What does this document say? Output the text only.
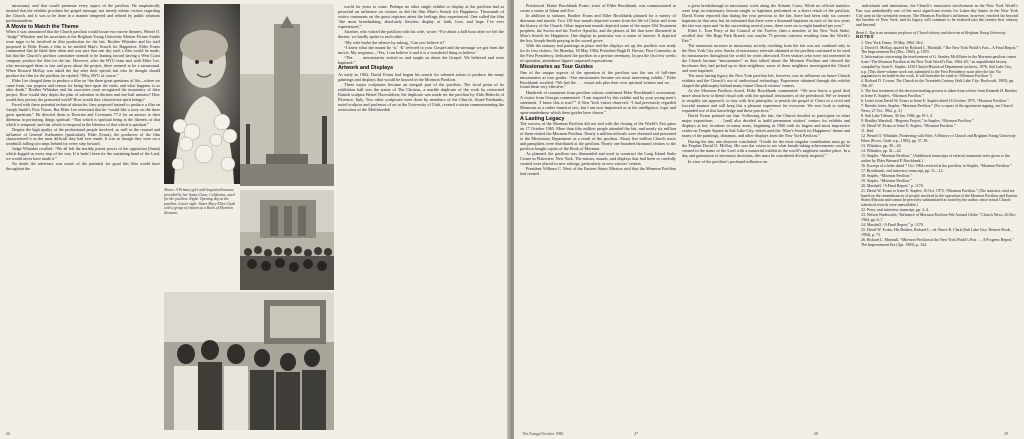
missionary zeal that would permeate every aspect of the pavilion. He emphatically insisted that the exhibits proclaim the gospel message; not merely inform visitors regarding the Church, and it was to be done in a manner tempered and refined by public relations professionalism.

A Movie to Match the Theme

When it was announced that the Church pavilion would house two movie theaters, Wetzel O. “Judge” Whitaker and his associates at the Brigham Young University Motion Picture Studio were eager to be involved in film production for the fair. Brother Whitaker and his staff proposed to Elder Evans a film to be entitled Man’s Search for Happiness. Elder Evans commented that he liked their ideas and was sure that one day such a film would be made, but that the Church’s pavilion committee seemed to be leaning toward having a West Coast company produce the film for the fair. However, after the BYU team met with Elder Lee, who encouraged them to fast and pray about the project, there seemed to be a turnaround. When Howard McKay was asked the day after their special fast who he thought should produce the film for the pavilion, he replied, “Why, BYU of course.”

Elder Lee charged them to produce a film on “the three great questions of life—where we came from, our purpose and reason for being here upon the earth, and what happens to us after death.” Brother Whitaker and his associates soon recognized the immensity of their project. How would they depict the plan of salvation in thirteen and one-half minutes? How would they portray the premortal world? How would they characterize spirit beings?

Faced with these potential technical obstacles, they proposed instead to produce a film on Joseph Smith’s First Vision. But Elder Lee reiterated that he “would like a story on the three great questions.” He directed them to Doctrine and Covenants 77:2 for an answer to their dilemma in portraying things spiritual: “That which is spiritual being in the likeness of that which is temporal; and that which is temporal in the likeness of that which is spiritual.”

Despite the high quality of the professional people involved, as well as the counsel and influence of General Authorities (particularly Elder Evans), the producers of the film characterized it as the most difficult they had ever made. It was as though they were on a treadmill, falling two steps behind for every step forward.

Judge Whitaker recalled: “We all felt the terribly potent power of the opposition [Satan] which dogged us every step of the way. If it hadn’t been for the sustaining hand of the Lord, we would never have made it.”

No doubt the adversary was aware of the potential for good this film would have throughout the

Above: A Primary girl with begonia blossoms provided by her Santa Clara, California, ward for the pavilion. Right: Opening day at the pavilion. Lower right: Sister Mary Ellen Clyde with a group of visitors at a Book of Mormon diorama.

world for years to come. Perhaps no other single exhibit or display at the pavilion had as powerful an influence on visitors as did the film Man’s Search for Happiness. Thousands of visitor comments on the guest registers attest the feelings they experienced. One called the film “the most breathtaking, absolutely flawless display of faith, love, and hope I’ve ever experienced.”

Another, who visited the pavilion with his wife, wrote: “For about a half hour after we left the theater, we hardly spoke to each other. . . .

“My wife broke the silence by asking, ‘Can you believe it?’

“I knew what she meant by ‘it.’ ‘It’ referred to your Gospel and the message we got from the movie. My response—‘Yes, I can believe it and it is a wonderful thing to believe.’

“The . . . missionaries visited us and taught us about the Gospel. We believed and were baptized.”

Artwork and Displays

As early as 1962, David Evans had begun his search for talented artists to produce the many paintings and displays that would be housed in the Mormon Pavilion.

These major sculptures became an integral part of the pavilion. The focal point of its exhibition hall was the statue of The Christus, a marble duplicate of the work by renowned Danish sculptor Bertel Thorvaldsen; the duplicate was made for the pavilion by Aldo Rebechi of Florence, Italy. Two other sculptures were done by members of the Church. Avard Fairbanks, noted sculptor and professor of art at the University of Utah, created a statue commemorating the restoration of the Melchizedek

26

Priesthood. Elaine Brockbank Evans, sister of Elder Brockbank, was commissioned to create a statue of Adam and Eve.

In addition to statuary, Brother Evans and Elder Brockbank planned for a variety of dioramas and murals. Two 110-foot murals depicted scenes from the life of Christ and from the history of the Church. Other important murals depicted some of the major Old Testament prophets, the Savior and his Twelve Apostles, and the phases of life that were illustrated in Man’s Search for Happiness. One display in particular was a center of interest. It depicted the boy Joseph Smith praying in the sacred grove.

With the statuary and paintings in place and the displays set up, the pavilion was ready for its first visitors. On Monday, 18 May 1964, President Hugh B. Brown, First Counselor in the First Presidency, dedicated the pavilion in a private ceremony. In just the first few weeks of operation, attendance figures surpassed expectations.

Missionaries as Tour Guides

One of the unique aspects of the operation of the pavilion was the use of full-time missionaries as tour guides. “Our missionaries became our most interesting exhibit,” Elder Brockbank recalled. “We had the . . . visual aids plus their own spiritual witness and we . . . found them very effective.”

Hundreds of comments from pavilion visitors confirmed Elder Brockbank’s assessment. A visitor from Georgia commented, “I am inspired by this exhibit and by your young man’s statement, ‘I know this is true!’” A New York visitor observed, “I had previously regarded Mormons as a rather fanatical sect, but I am now impressed as to the intelligence, logic and open-mindedness which these guides have shown.”

A Lasting Legacy

The success of the Mormon Pavilion did not end with the closing of the World’s Fair gates on 17 October 1965. More than fifty million people attended the fair, and nearly six million of them visited the Mormon Pavilion. Nearly a million referrals were obtained and presented to the Missionary Department as a result of the pavilion. About five million Church tracts and pamphlets were distributed at the pavilion. Nearly one hundred thousand visitors to the pavilion bought copies of the Book of Mormon.

As planned, the pavilion was dismantled and used to construct the Long Island Stake Center in Plainview, New York. The statues, murals, and displays that had been so carefully created were placed in new settings, particularly as new visitors’ centers.

President Wilburn C. West of the Eastern States Mission said that the Mormon Pavilion had created

a great breakthrough in missionary work along the Atlantic Coast. While no official statistics were kept on missionary lessons taught or baptisms performed as a direct result of the pavilion, David Evans reported that during the year previous to the fair, there had been only six convert baptisms in that area, but he estimated that there were a thousand baptisms in each of the two years the fair was open and “in the succeeding several years, there were six to eight hundred per year.”

Elder L. Tom Perry of the Council of the Twelve, then a member of the New York Stake, recalled that “the Rego Park Branch was maybe 75 percent converts resulting from the World’s Fair.”

The enormous increase in missionary activity resulting from the fair was not confined only to the New York City area. Stacks of missionary referrals obtained at the pavilion continued to be used by missionaries throughout the world for years afterward. Even visitors who were not interested in the Church became “missionaries” as they talked about the Mormon Pavilion and showed the brochures they had picked up to their neighbors; some of these neighbors investigated the Church and were baptized.

The most lasting legacy the New York pavilion left, however, was its influence on future Church exhibits and the Church’s use of audiovisual technology. Experience obtained through this exhibit shaped the philosophy behind many future Church visitors’ centers.

As the Mormon Pavilion closed, Elder Brockbank commented: “We now know a good deal more about how to blend visual aids with the spiritual testimonies of the priesthood. We’ve learned to simplify our approach, to stay with first principles, to preach the gospel of Christ in a vivid and forceful manner and still keep this a pleasant experience for everyone. We now look to making expanded use of this knowledge and these practices.”

David Evans pointed out that “following the fair, the Church decided to participate in other major expositions . . . [and] also decided to build permanent visitors’ centers for exhibits and displays at key locations in many areas, beginning in 1966 with its largest and most impressive center on Temple Square in Salt Lake City, which used the ‘Man’s Search for Happiness’ theme and many of the paintings, dioramas, and other displays from the New York Pavilion.”

During the fair, one observer concluded: “Credit for the most singular contribution must go to the Prophet David O. McKay. His was the vision to see what breath-taking achievements could be created in the name of the Lord with a masterful exhibit in the world’s mightiest market place. In a day and generation of enormous decisions, this must be considered divinely inspired.”

In view of the pavilion’s profound influence on

individuals and institutions, the Church’s innovative involvement in the New York World’s Fair was undoubtedly one of the most significant events for Latter-day Saints in the New York City area in the twentieth century. The Mormon Pavilion’s influence, however, reached far beyond the borders of New York, and its legacy will continue to be realized into the twenty-first century and beyond.

Brent L. Top is an assistant professor of Church history and doctrine at Brigham Young University.

NOTES

1. New York Times, 19 May 1964, 36:2.

2. David O. McKay, quoted by Richard L. Marshall, “The New York World’s Fair—A Final Report,” The Improvement Era (Dec. 1965), p. 1070.

3. Information concerning the involvement of G. Stanley McAllister in the Mormon pavilion comes from “The Mormon Pavilion at the New York World’s Fair, 1964–65,” an unpublished history compiled by Irene E. Staples, LDS Church Historical Department archives, 1976, Salt Lake City, n.p. (This three-volume work was submitted to the First Presidency soon after the fair. No pagination is included in the work. It will hereafter be cited as “Mormon Pavilion.”)

4. Richard D. Cowan, The Church in the Twentieth Century (Salt Lake City: Bookcraft, 1985), pp. 166–67.

5. The best treatment of the decision-making process is taken from a letter from Kenneth H. Beesley to Irene E. Staples, “Mormon Pavilion.”

6. Letter from David W. Evans to Irene E. Staples dated 16 October 1975, “Mormon Pavilion.”

7. Beesley letter, Staples, “Mormon Pavilion.” (For a report of the agreement signing, see Church News, 27 Oct. 1962, p. 3.)

8. Salt Lake Tribune, 30 Jan. 1966, pp. B-1, 4.

9. Bradley Marshall, “Begonia Project,” in Staples, “Mormon Pavilion.”

10. David W. Evans to Irene E. Staples, “Mormon Pavilion.”

11. Ibid.

12. Wetzel O. Whitaker, Pioneering with Film: A History of Church and Brigham Young University Films (Provo, Utah: n.p., 1982), pp. 37–38.

13. Whitaker, pp. 39—40.

14. Whitaker, pp. 41—42.

15. Staples, “Mormon Pavilion.” (Additional transcripts of referral comments were given to the author by Elder Bernard P. Brockbank.)

16. Excerpt of a letter dated 7 Oct. 1964 received at the pavilion, in Staples, “Mormon Pavilion.”

17. Brockbank, oral interview transcript, pp. 11—12.

18. Staples, “Mormon Pavilion.”

19. Staples, “Mormon Pavilion.”

20. Marshall, “A Final Report,” p. 1170.

21. David W. Evans to Irene E. Staples, 16 Oct. 1975, “Mormon Pavilion.” (The statistics cited are based on the remembrances of people involved in the operation of the Mormon Pavilion and Eastern States Mission and cannot be precisely substantiated as noted by the author, since actual Church statistical records were unavailable.)

22. Perry, oral interview transcript, pp. 3–4.

23. Nelson Wadsworth, “Influence of Mormon Pavilion Felt Around Globe,” Church News, 26 Dec. 1964, pp. 6–7.

24. Marshall, “A Final Report,” p. 1170.

25. David W. Evans, His Brother, Richard L., ed. Bruce R. Clark (Salt Lake City: Deseret Book, 1984), p. 73.

26. Richard L. Marshall, “Mormon Pavilion at the New York World’s Fair . . . A Progress Report,” The Improvement Era (Apr. 1965), p. 324.

The Ensign/October 1980	27	28	29
